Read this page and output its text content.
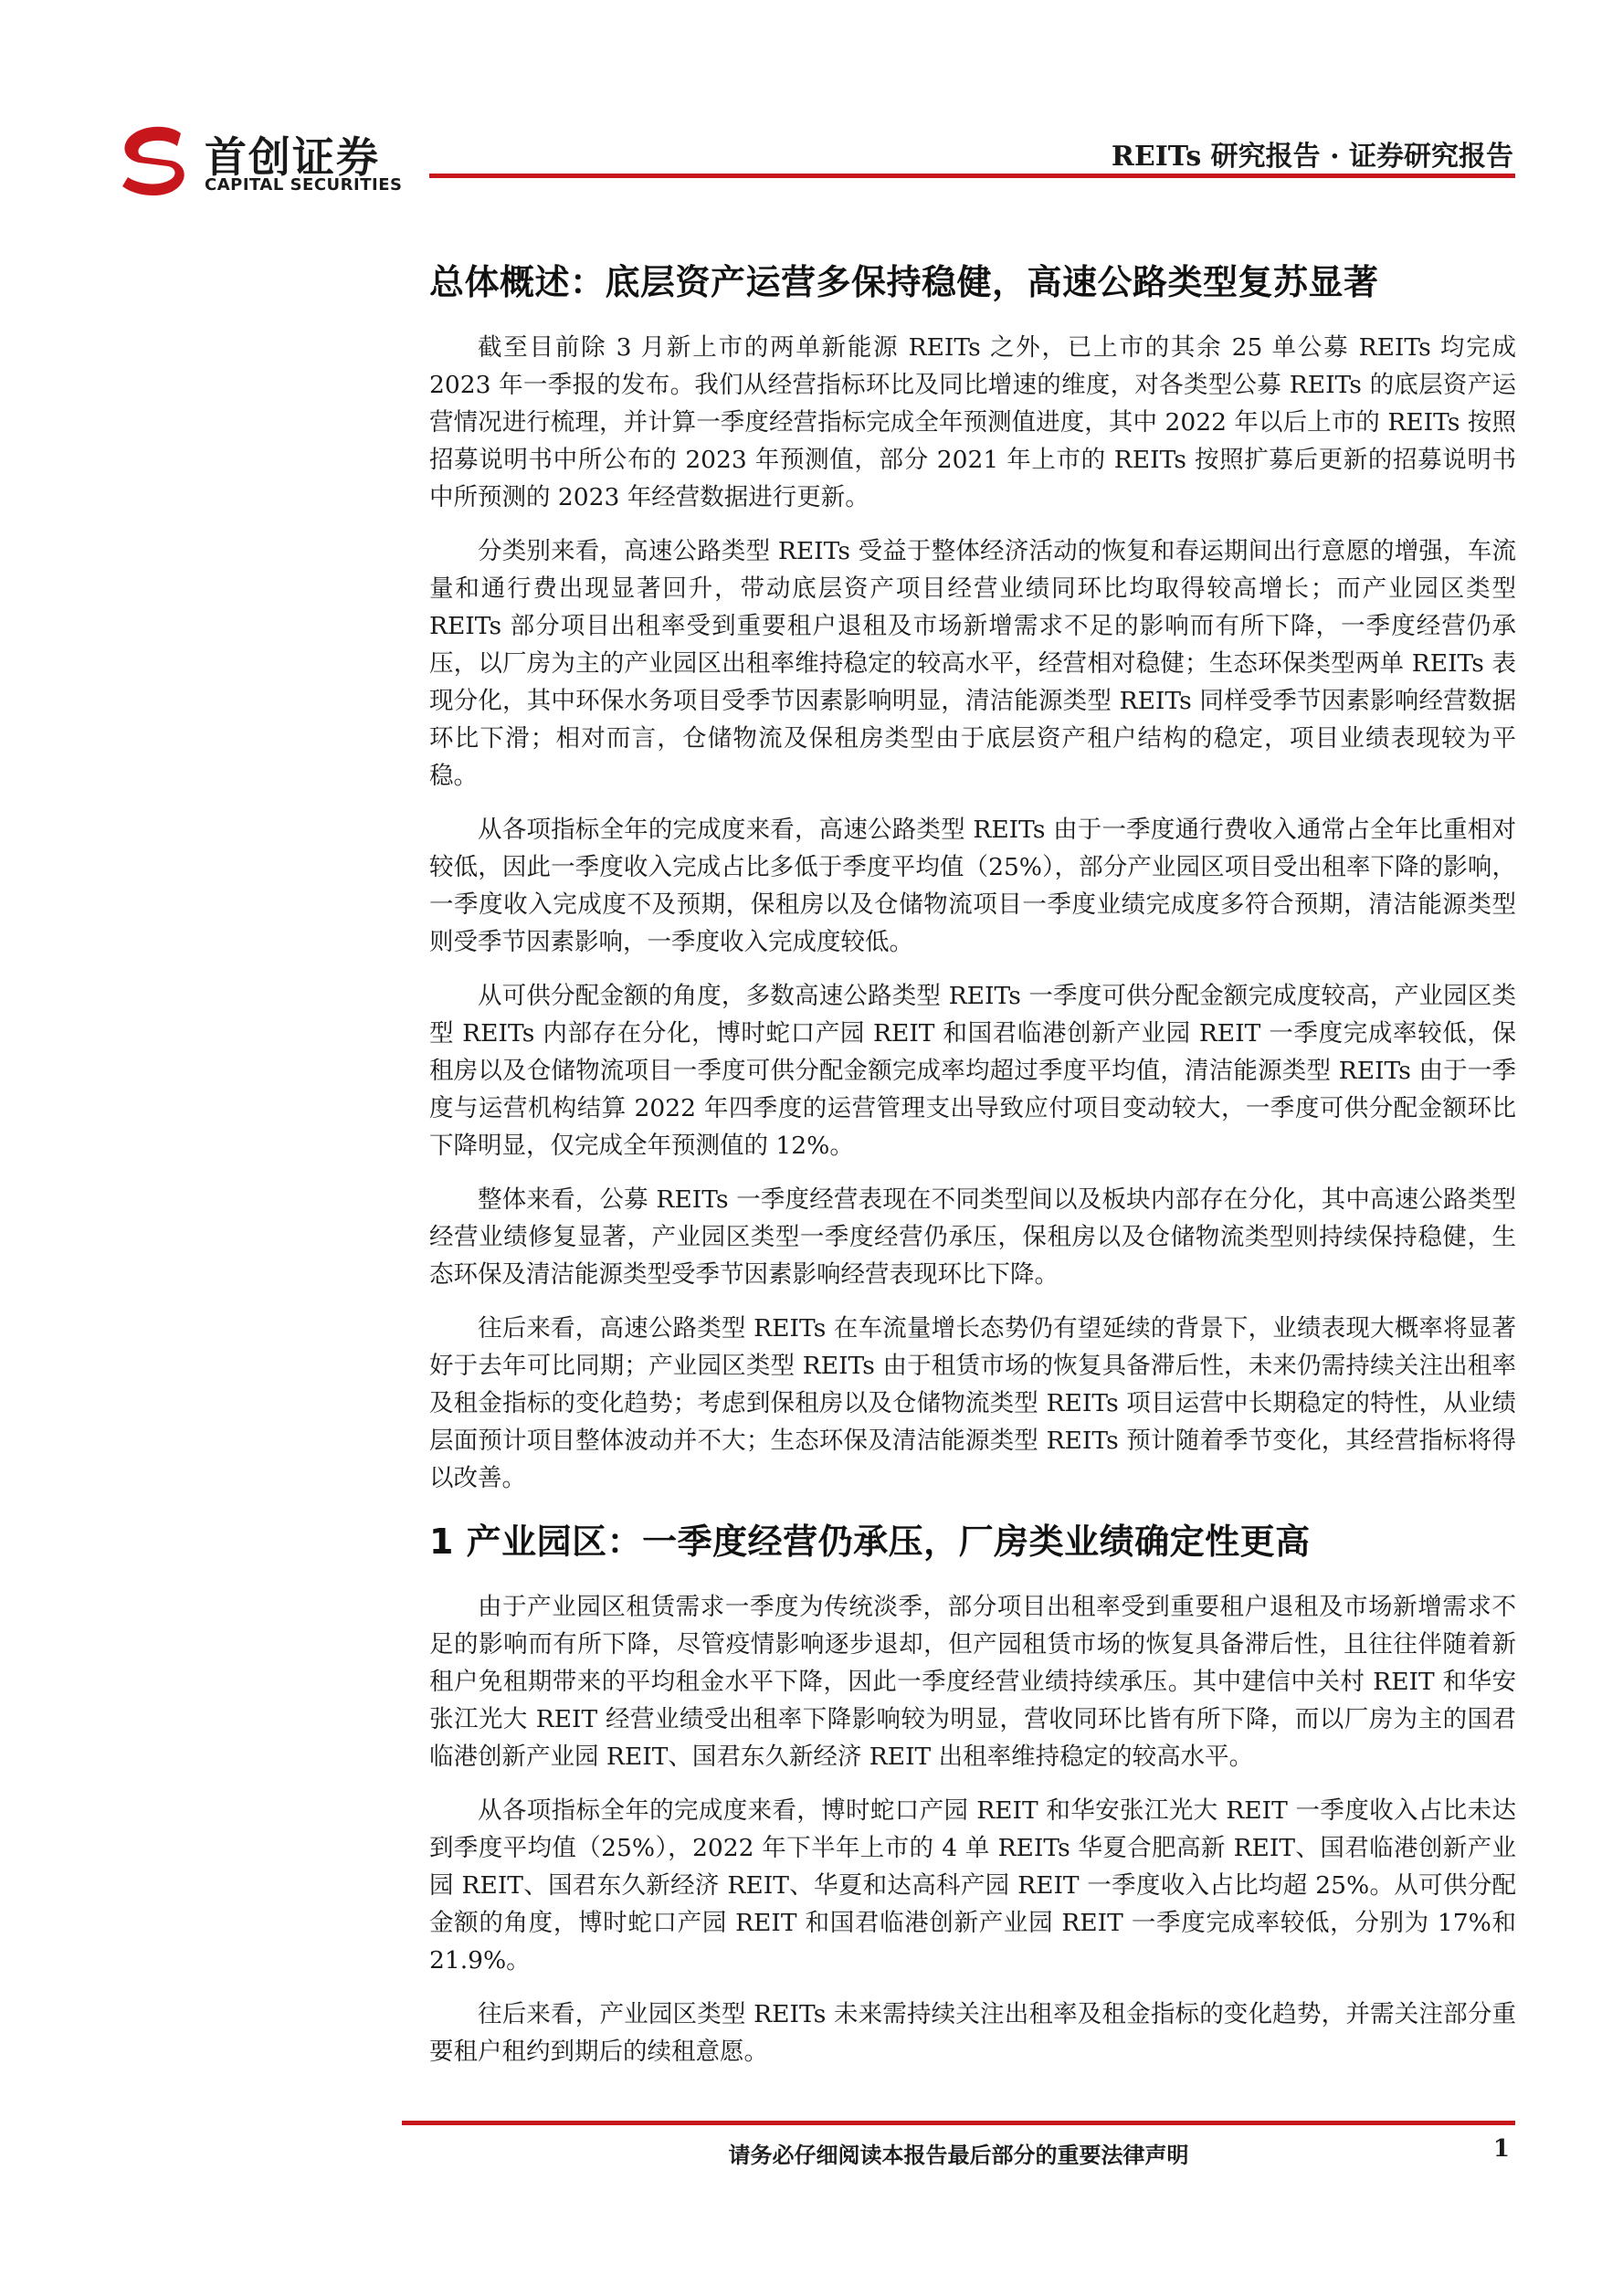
首创证券
CAPITAL SECURITIES
REITs 研究报告 · 证券研究报告
总体概述：底层资产运营多保持稳健，高速公路类型复苏显著

截至目前除 3 月新上市的两单新能源 REITs 之外，已上市的其余 25 单公募 REITs 均完成 2023 年一季报的发布。我们从经营指标环比及同比增速的维度，对各类型公募 REITs 的底层资产运营情况进行梳理，并计算一季度经营指标完成全年预测值进度，其中 2022 年以后上市的 REITs 按照招募说明书中所公布的 2023 年预测值，部分 2021 年上市的 REITs 按照扩募后更新的招募说明书中所预测的 2023 年经营数据进行更新。

分类别来看，高速公路类型 REITs 受益于整体经济活动的恢复和春运期间出行意愿的增强，车流量和通行费出现显著回升，带动底层资产项目经营业绩同环比均取得较高增长；而产业园区类型 REITs 部分项目出租率受到重要租户退租及市场新增需求不足的影响而有所下降，一季度经营仍承压，以厂房为主的产业园区出租率维持稳定的较高水平，经营相对稳健；生态环保类型两单 REITs 表现分化，其中环保水务项目受季节因素影响明显，清洁能源类型 REITs 同样受季节因素影响经营数据环比下滑；相对而言，仓储物流及保租房类型由于底层资产租户结构的稳定，项目业绩表现较为平稳。

从各项指标全年的完成度来看，高速公路类型 REITs 由于一季度通行费收入通常占全年比重相对较低，因此一季度收入完成占比多低于季度平均值（25%），部分产业园区项目受出租率下降的影响，一季度收入完成度不及预期，保租房以及仓储物流项目一季度业绩完成度多符合预期，清洁能源类型则受季节因素影响，一季度收入完成度较低。

从可供分配金额的角度，多数高速公路类型 REITs 一季度可供分配金额完成度较高，产业园区类型 REITs 内部存在分化，博时蛇口产园 REIT 和国君临港创新产业园 REIT 一季度完成率较低，保租房以及仓储物流项目一季度可供分配金额完成率均超过季度平均值，清洁能源类型 REITs 由于一季度与运营机构结算 2022 年四季度的运营管理支出导致应付项目变动较大，一季度可供分配金额环比下降明显，仅完成全年预测值的 12%。

整体来看，公募 REITs 一季度经营表现在不同类型间以及板块内部存在分化，其中高速公路类型经营业绩修复显著，产业园区类型一季度经营仍承压，保租房以及仓储物流类型则持续保持稳健，生态环保及清洁能源类型受季节因素影响经营表现环比下降。

往后来看，高速公路类型 REITs 在车流量增长态势仍有望延续的背景下，业绩表现大概率将显著好于去年可比同期；产业园区类型 REITs 由于租赁市场的恢复具备滞后性，未来仍需持续关注出租率及租金指标的变化趋势；考虑到保租房以及仓储物流类型 REITs 项目运营中长期稳定的特性，从业绩层面预计项目整体波动并不大；生态环保及清洁能源类型 REITs 预计随着季节变化，其经营指标将得以改善。

1 产业园区：一季度经营仍承压，厂房类业绩确定性更高

由于产业园区租赁需求一季度为传统淡季，部分项目出租率受到重要租户退租及市场新增需求不足的影响而有所下降，尽管疫情影响逐步退却，但产园租赁市场的恢复具备滞后性，且往往伴随着新租户免租期带来的平均租金水平下降，因此一季度经营业绩持续承压。其中建信中关村 REIT 和华安张江光大 REIT 经营业绩受出租率下降影响较为明显，营收同环比皆有所下降，而以厂房为主的国君临港创新产业园 REIT、国君东久新经济 REIT 出租率维持稳定的较高水平。

从各项指标全年的完成度来看，博时蛇口产园 REIT 和华安张江光大 REIT 一季度收入占比未达到季度平均值（25%），2022 年下半年上市的 4 单 REITs 华夏合肥高新 REIT、国君临港创新产业园 REIT、国君东久新经济 REIT、华夏和达高科产园 REIT 一季度收入占比均超 25%。从可供分配金额的角度，博时蛇口产园 REIT 和国君临港创新产业园 REIT 一季度完成率较低，分别为 17%和 21.9%。

往后来看，产业园区类型 REITs 未来需持续关注出租率及租金指标的变化趋势，并需关注部分重要租户租约到期后的续租意愿。

请务必仔细阅读本报告最后部分的重要法律声明	1
